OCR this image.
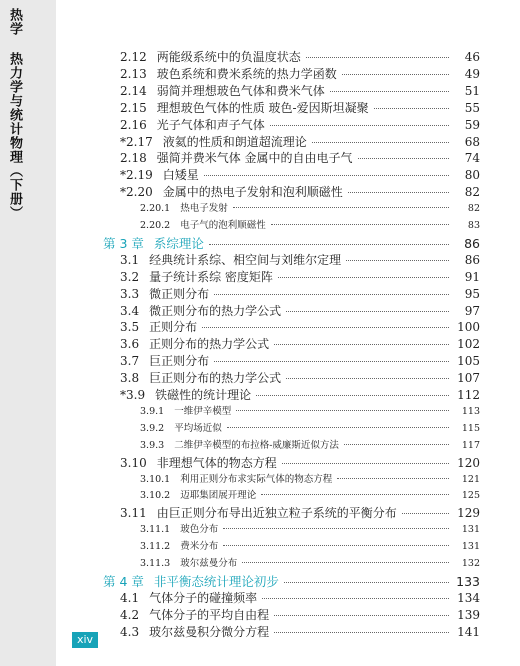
热学 热力学与统计物理（下册）	2.12 两能级系统中的负温度状态	46
2.13 玻色系统和费米系统的热力学函数	49
2.14 弱简并理想玻色气体和费米气体	51
2.15 理想玻色气体的性质 玻色-爱因斯坦凝聚	55
2.16 光子气体和声子气体	59
*2.17 液氦的性质和朗道超流理论	68
2.18 强简并费米气体 金属中的自由电子气	74
*2.19 白矮星	80
*2.20 金属中的热电子发射和泡利顺磁性	82
2.20.1 热电子发射	82
2.20.2 电子气的泡利顺磁性	83
第 3 章 系综理论	86
3.1 经典统计系综、相空间与刘维尔定理	86
3.2 量子统计系综 密度矩阵	91
3.3 微正则分布	95
3.4 微正则分布的热力学公式	97
3.5 正则分布	100
3.6 正则分布的热力学公式	102
3.7 巨正则分布	105
3.8 巨正则分布的热力学公式	107
*3.9 铁磁性的统计理论	112
3.9.1 一维伊辛模型	113
3.9.2 平均场近似	115
3.9.3 二维伊辛模型的布拉格-威廉斯近似方法	117
3.10 非理想气体的物态方程	120
3.10.1 利用正则分布求实际气体的物态方程	121
3.10.2 迈耶集团展开理论	125
3.11 由巨正则分布导出近独立粒子系统的平衡分布	129
3.11.1 玻色分布	131
3.11.2 费米分布	131
3.11.3 玻尔兹曼分布	132
第 4 章 非平衡态统计理论初步	133
4.1 气体分子的碰撞频率	134
4.2 气体分子的平均自由程	139
4.3 玻尔兹曼积分微分方程	141
xiv
